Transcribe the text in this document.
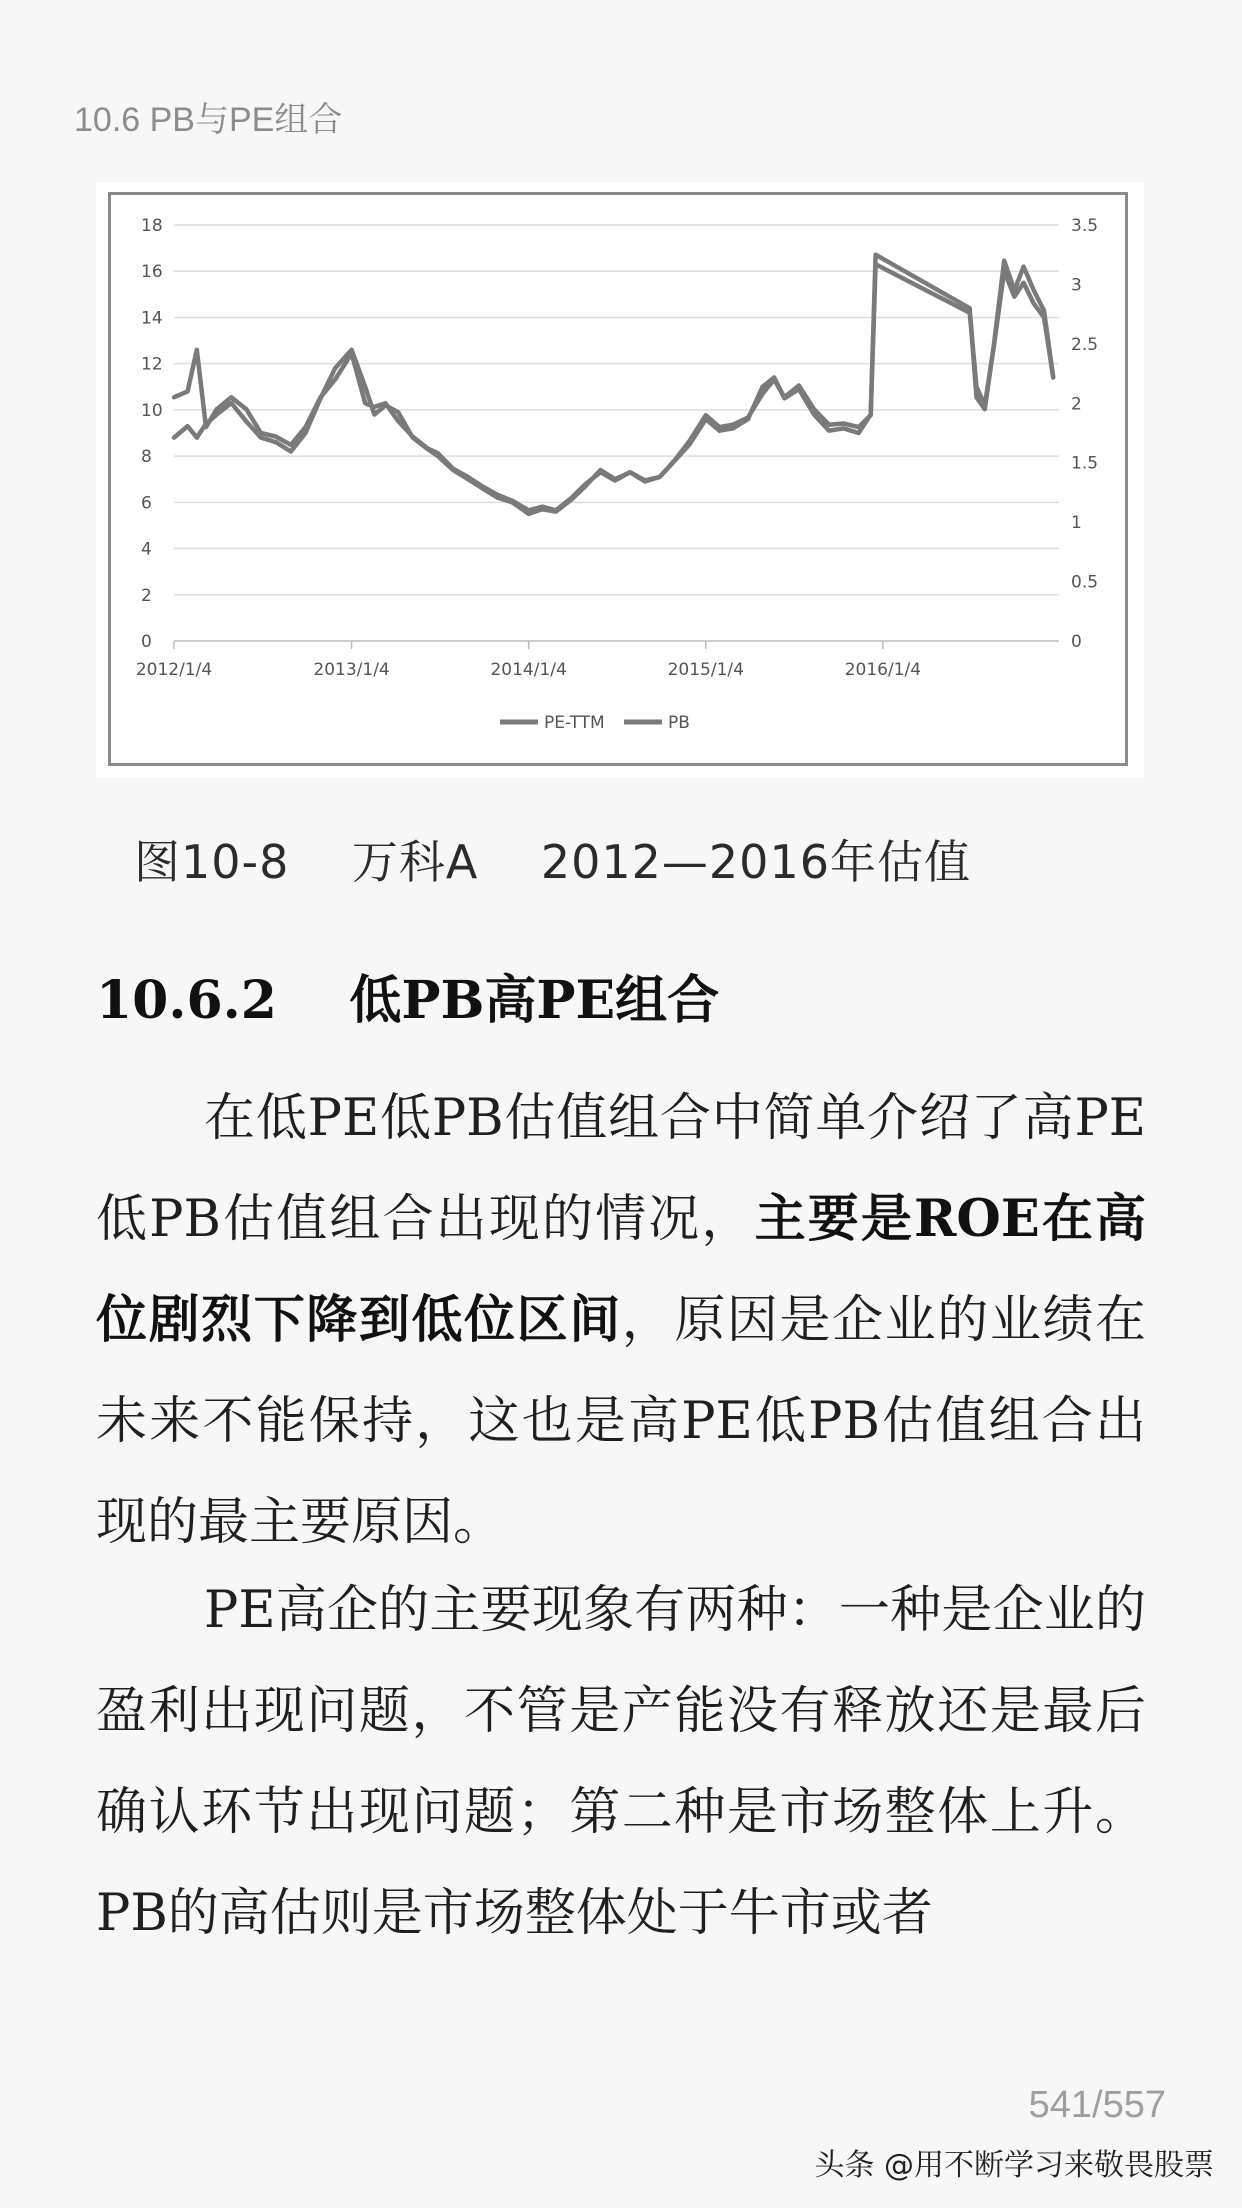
10.6 PB与PE组合
0
2
4
6
8
10
12
14
16
18
0
0.5
1
1.5
2
2.5
3
3.5
2012/1/4	2013/1/4	2014/1/4	2015/1/4	2016/1/4
PE-TTM	PB
图10-8    万科A    2012—2016年估值
10.6.2    低PB高PE组合
在低PE低PB估值组合中简单介绍了高PE低PB估值组合出现的情况，主要是ROE在高位剧烈下降到低位区间，原因是企业的业绩在未来不能保持，这也是高PE低PB估值组合出现的最主要原因。
PE高企的主要现象有两种：一种是企业的盈利出现问题，不管是产能没有释放还是最后确认环节出现问题；第二种是市场整体上升。PB的高估则是市场整体处于牛市或者
541/557
头条 @用不断学习来敬畏股票
